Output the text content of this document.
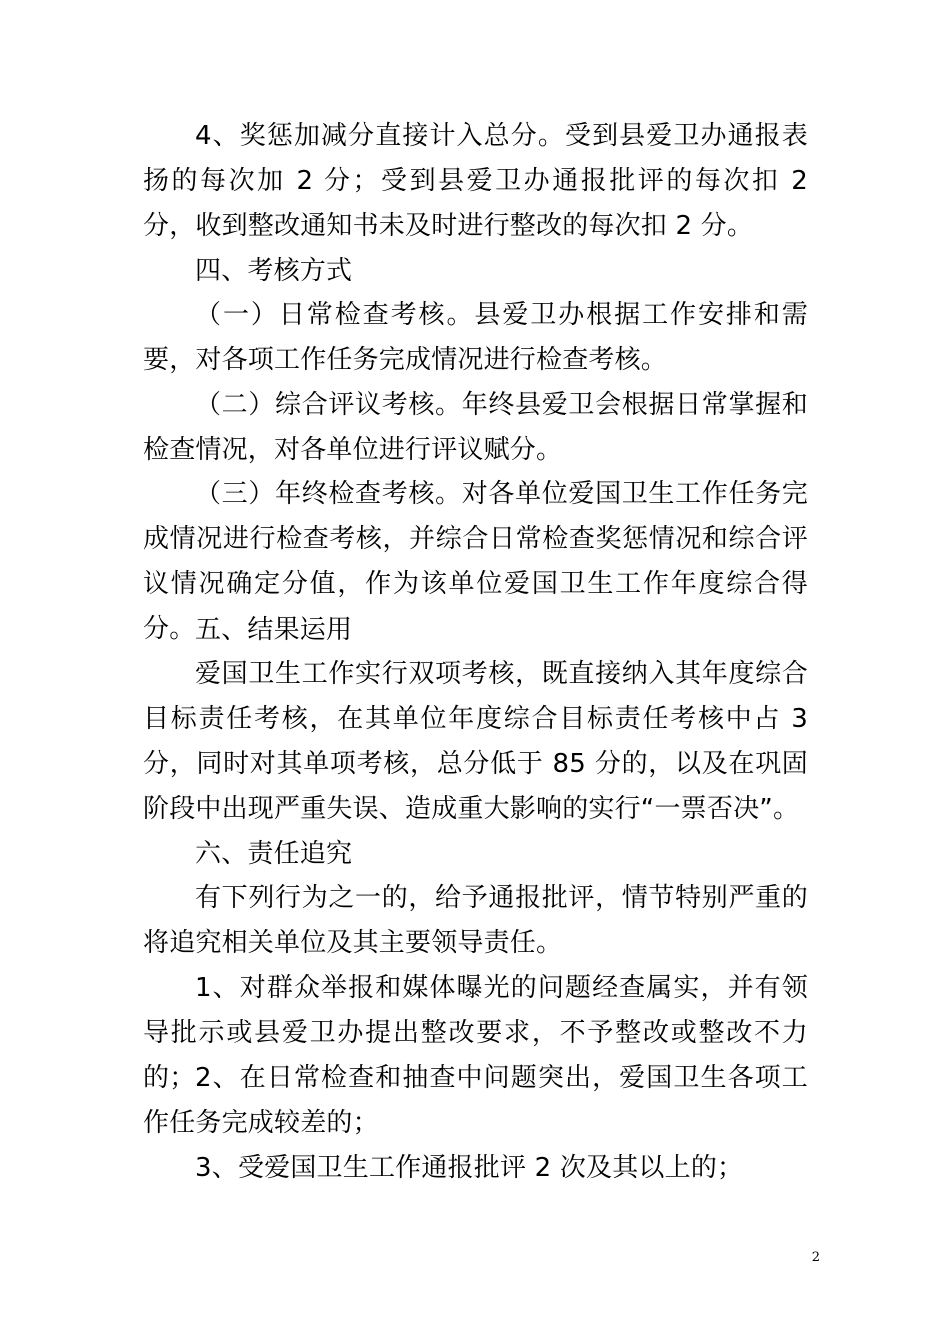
4、奖惩加减分直接计入总分。受到县爱卫办通报表扬的每次加 2 分；受到县爱卫办通报批评的每次扣 2 分，收到整改通知书未及时进行整改的每次扣 2 分。

四、考核方式

（一）日常检查考核。县爱卫办根据工作安排和需要，对各项工作任务完成情况进行检查考核。

（二）综合评议考核。年终县爱卫会根据日常掌握和检查情况，对各单位进行评议赋分。

（三）年终检查考核。对各单位爱国卫生工作任务完成情况进行检查考核，并综合日常检查奖惩情况和综合评议情况确定分值，作为该单位爱国卫生工作年度综合得分。 五、结果运用

爱国卫生工作实行双项考核，既直接纳入其年度综合目标责任考核，在其单位年度综合目标责任考核中占 3 分，同时对其单项考核，总分低于 85 分的，以及在巩固阶段中出现严重失误、造成重大影响的实行“一票否决”。

六、责任追究

有下列行为之一的，给予通报批评，情节特别严重的将追究相关单位及其主要领导责任。

1、对群众举报和媒体曝光的问题经查属实，并有领导批示或县爱卫办提出整改要求，不予整改或整改不力的； 2、在日常检查和抽查中问题突出，爱国卫生各项工作任务完成较差的；

3、受爱国卫生工作通报批评 2 次及其以上的；

2
